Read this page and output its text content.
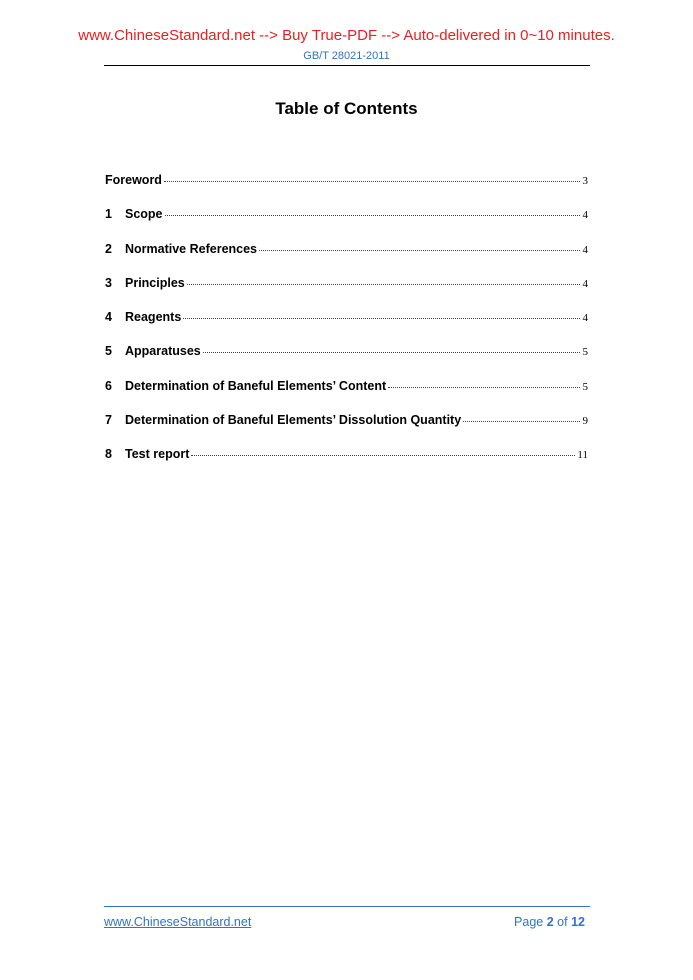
www.ChineseStandard.net --> Buy True-PDF --> Auto-delivered in 0~10 minutes.
GB/T 28021-2011
Table of Contents
Foreword	3
1	Scope	4
2	Normative References	4
3	Principles	4
4	Reagents	4
5	Apparatuses	5
6	Determination of Baneful Elements’ Content	5
7	Determination of Baneful Elements’ Dissolution Quantity	9
8	Test report	11
www.ChineseStandard.net	Page 2 of 12
